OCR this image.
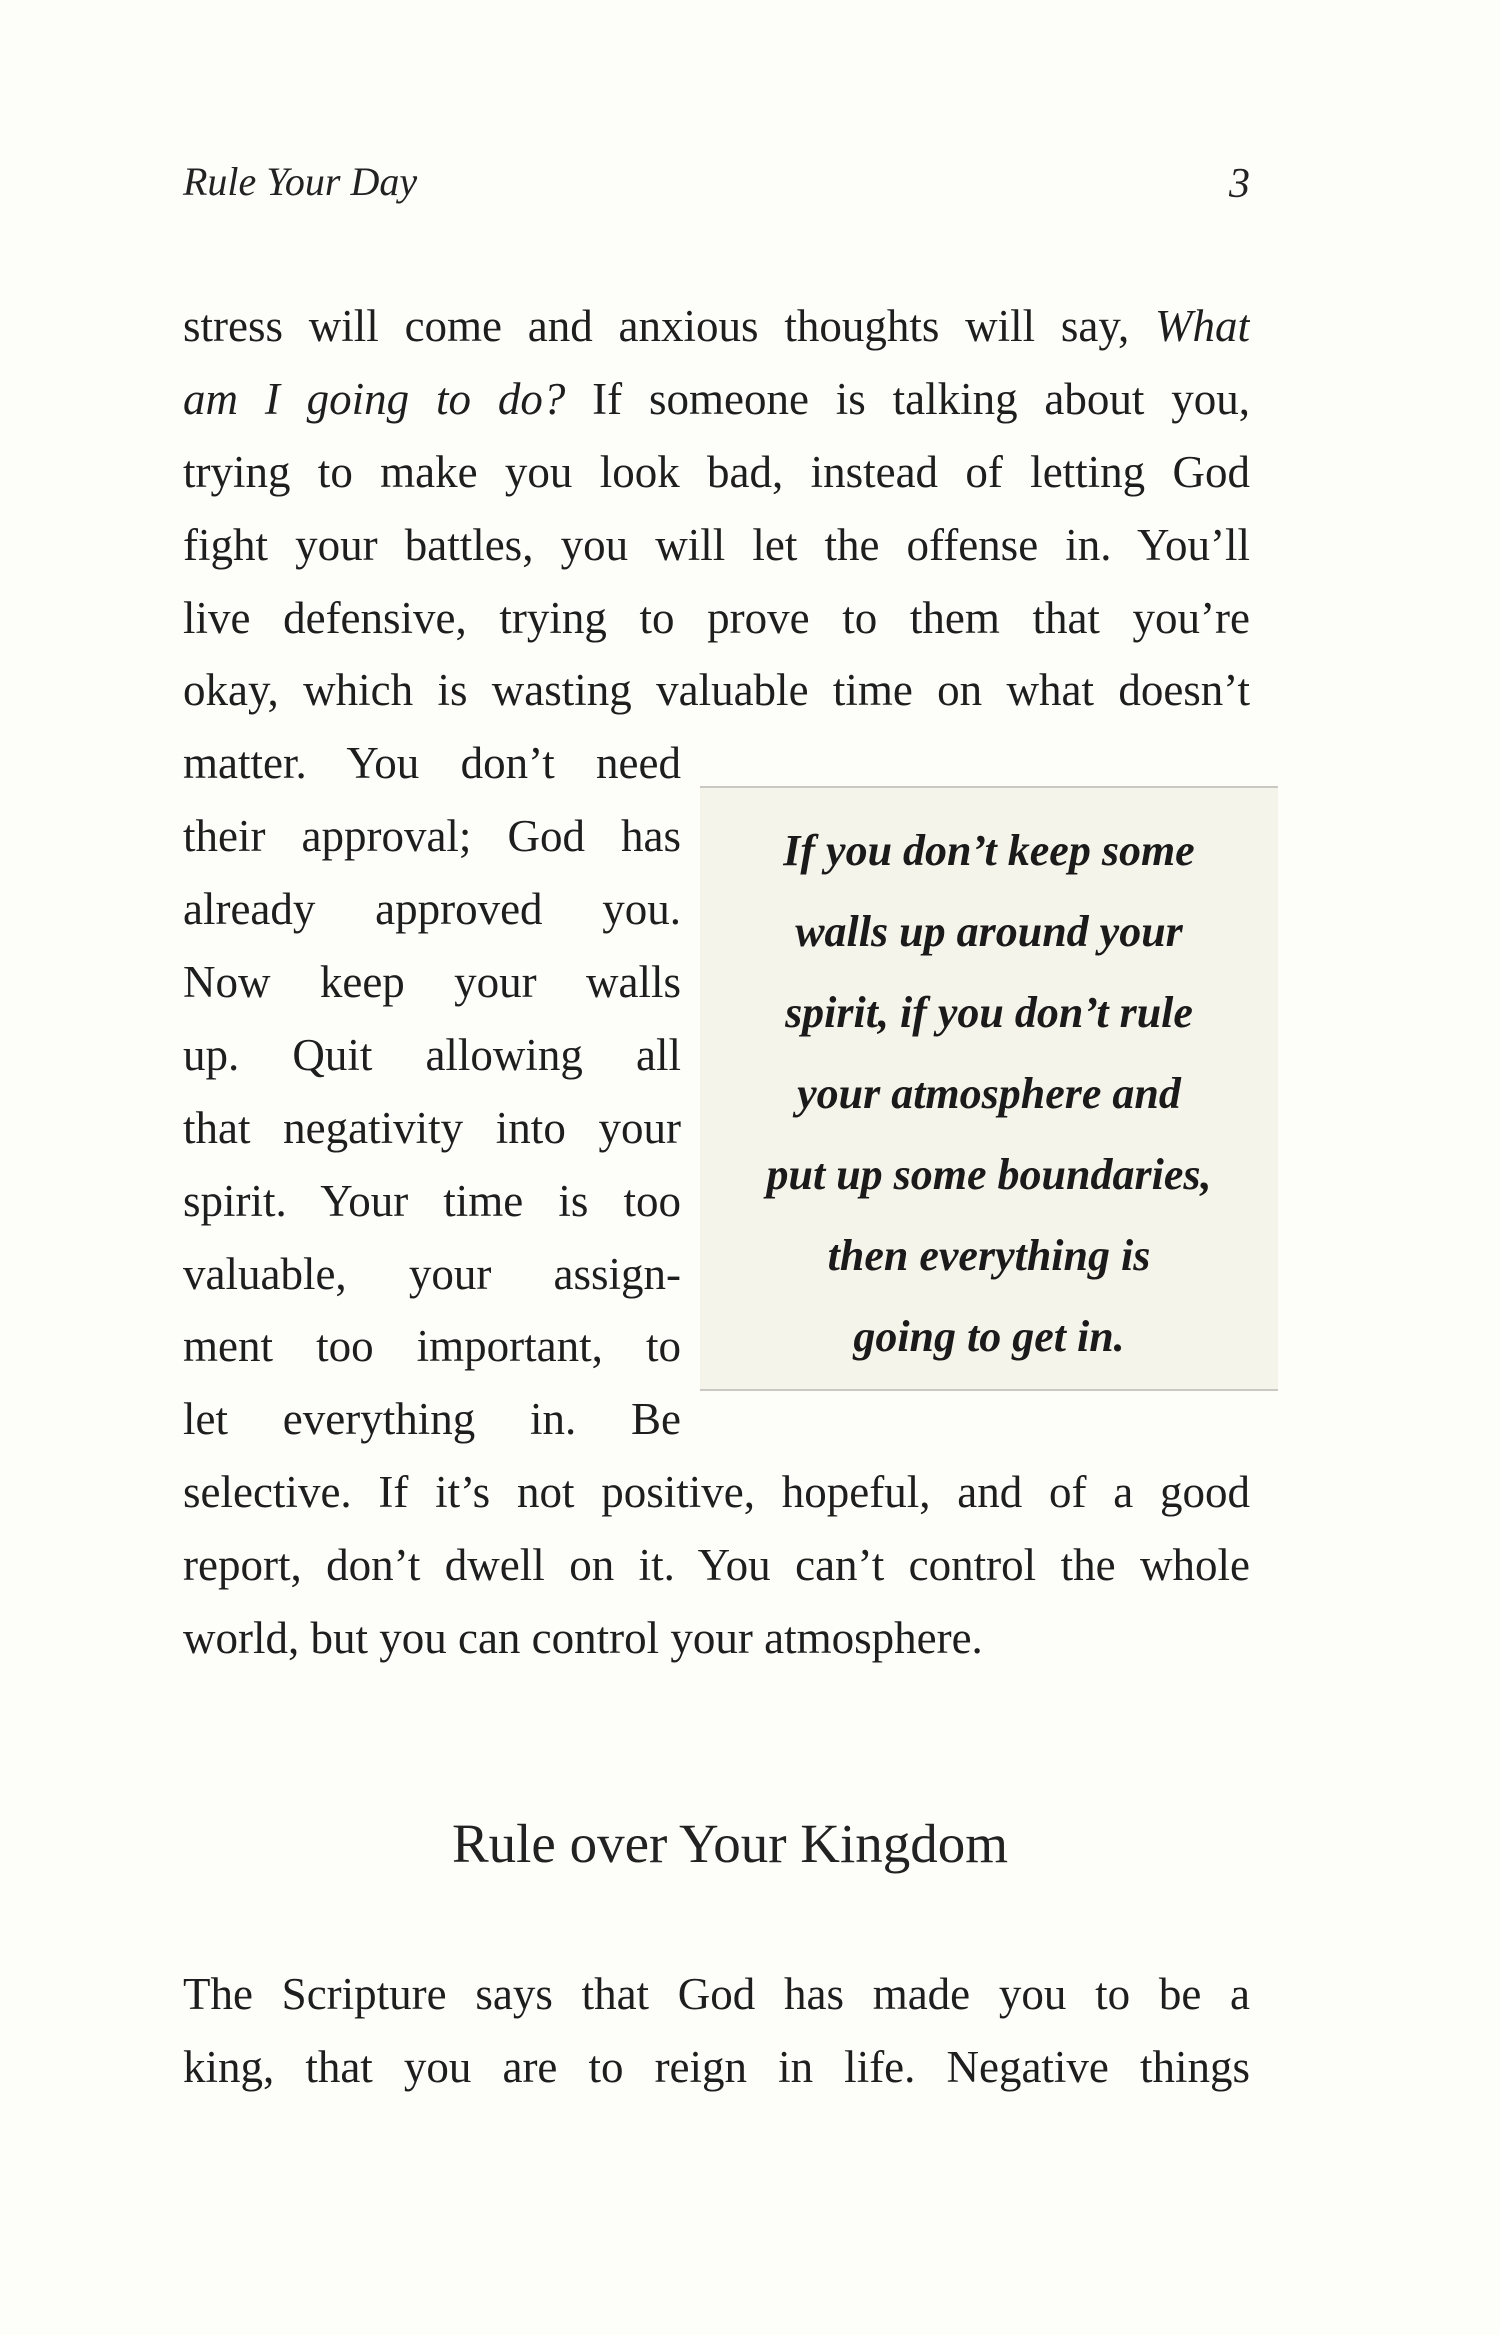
Rule Your Day	3
stress will come and anxious thoughts will say, What
am I going to do? If someone is talking about you,
trying to make you look bad, instead of letting God
fight your battles, you will let the offense in. You’ll
live defensive, trying to prove to them that you’re
okay, which is wasting valuable time on what doesn’t
matter. You don’t need
their approval; God has
already approved you.
Now keep your walls
up. Quit allowing all
that negativity into your
spirit. Your time is too
valuable, your assign-
ment too important, to
let everything in. Be
selective. If it’s not positive, hopeful, and of a good
report, don’t dwell on it. You can’t control the whole
world, but you can control your atmosphere.
If you don’t keep some
walls up around your
spirit, if you don’t rule
your atmosphere and
put up some boundaries,
then everything is
going to get in.
Rule over Your Kingdom
The Scripture says that God has made you to be a
king, that you are to reign in life. Negative things
